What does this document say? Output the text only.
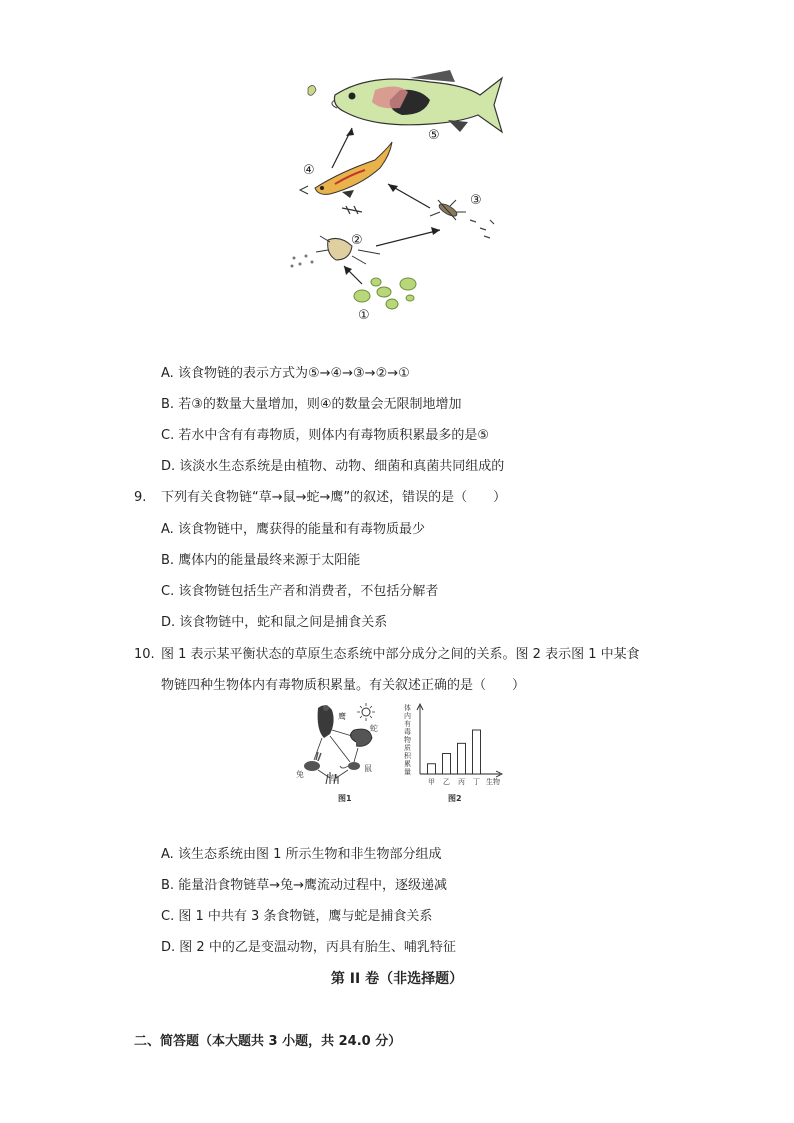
⑤
④
③
②
①
A. 该食物链的表示方式为⑤→④→③→②→①
B. 若③的数量大量增加，则④的数量会无限制地增加
C. 若水中含有有毒物质，则体内有毒物质积累最多的是⑤
D. 该淡水生态系统是由植物、动物、细菌和真菌共同组成的
9. 下列有关食物链“草→鼠→蛇→鹰”的叙述，错误的是（　　）
A. 该食物链中，鹰获得的能量和有毒物质最少
B. 鹰体内的能量最终来源于太阳能
C. 该食物链包括生产者和消费者，不包括分解者
D. 该食物链中，蛇和鼠之间是捕食关系
10. 图 1 表示某平衡状态的草原生态系统中部分成分之间的关系。图 2 表示图 1 中某食
物链四种生物体内有毒物质积累量。有关叙述正确的是（　　）
鹰
蛇
兔	草
鼠
图1
体内有毒物质积累量
甲 乙 丙 丁 生物
图2
A. 该生态系统由图 1 所示生物和非生物部分组成
B. 能量沿食物链草→兔→鹰流动过程中，逐级递减
C. 图 1 中共有 3 条食物链，鹰与蛇是捕食关系
D. 图 2 中的乙是变温动物，丙具有胎生、哺乳特征
第 II 卷（非选择题）
二、简答题（本大题共 3 小题，共 24.0 分）
